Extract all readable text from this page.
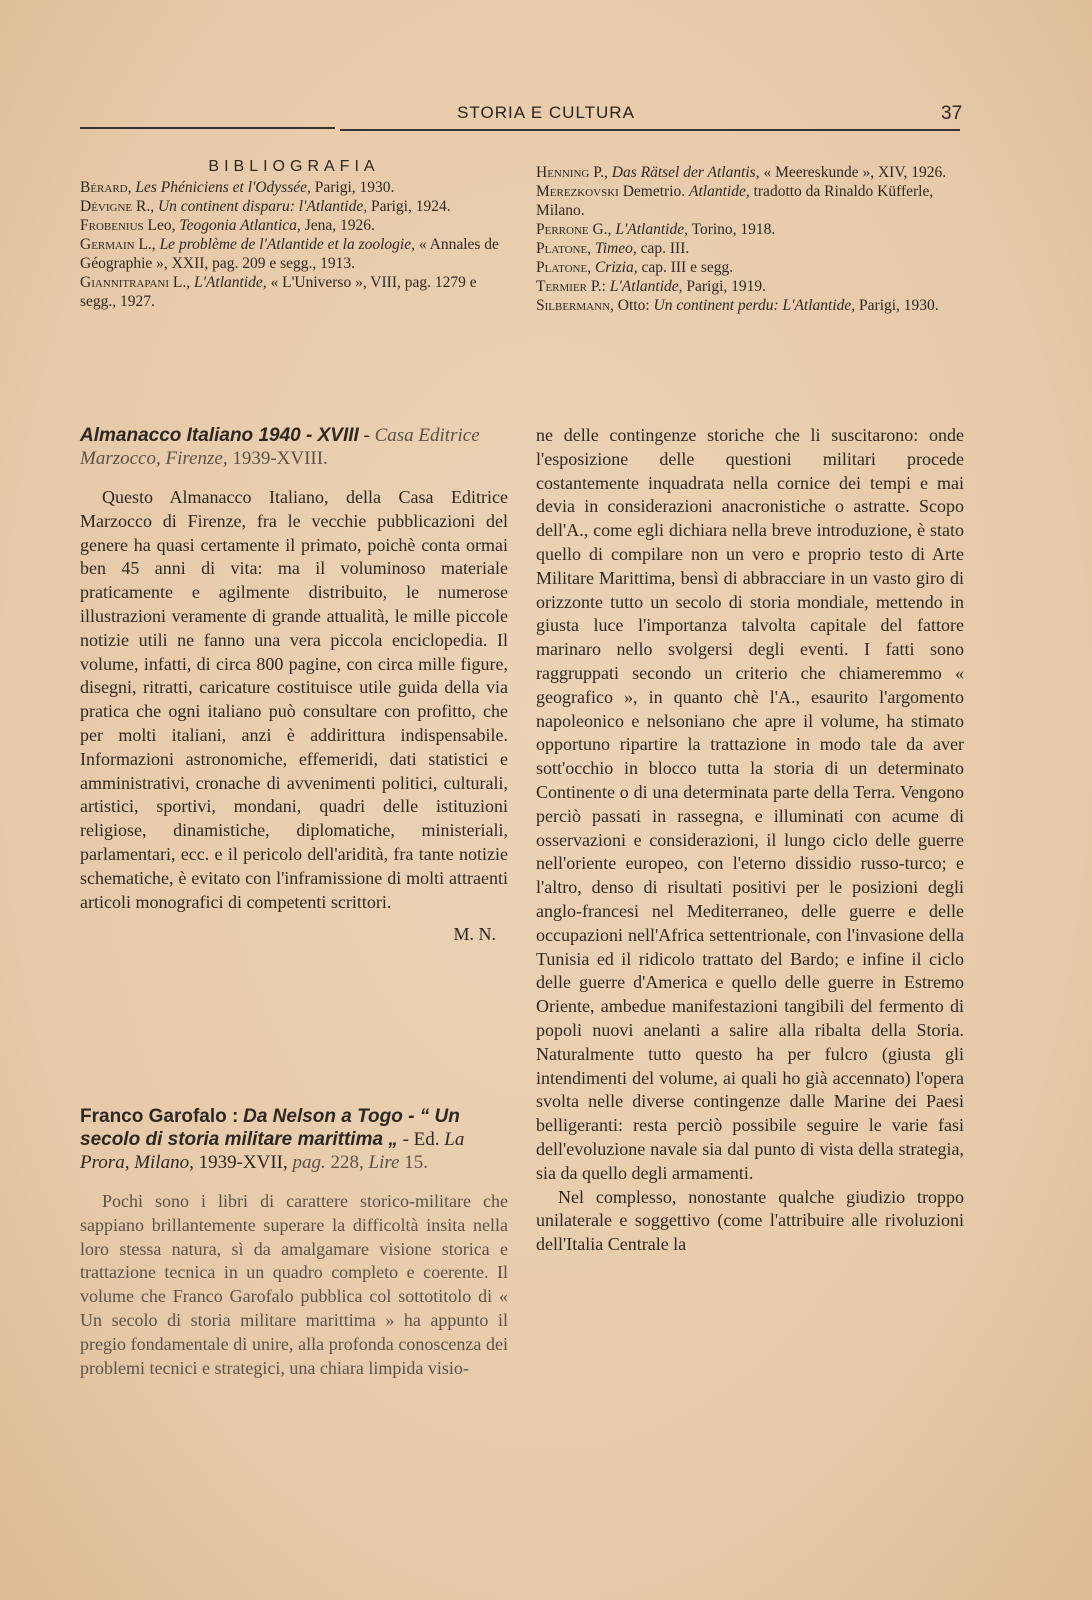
STORIA E CULTURA	37
BIBLIOGRAFIA

Bérard, Les Phéniciens et l'Odyssée, Parigi, 1930.

Dévigne R., Un continent disparu: l'Atlantide, Parigi, 1924.

Frobenius Leo, Teogonia Atlantica, Jena, 1926.

Germain L., Le problème de l'Atlantide et la zoologie, « Annales de Géographie », XXII, pag. 209 e segg., 1913.

Giannitrapani L., L'Atlantide, « L'Universo », VIII, pag. 1279 e segg., 1927.

Henning P., Das Rätsel der Atlantis, « Meereskunde », XIV, 1926.

Merezkovski Demetrio. Atlantide, tradotto da Rinaldo Küfferle, Milano.

Perrone G., L'Atlantide, Torino, 1918.

Platone, Timeo, cap. III.

Platone, Crizia, cap. III e segg.

Termier P.: L'Atlantide, Parigi, 1919.

Silbermann, Otto: Un continent perdu: L'Atlantide, Parigi, 1930.

Almanacco Italiano 1940 - XVIII - Casa Editrice Marzocco, Firenze, 1939-XVIII.

Questo Almanacco Italiano, della Casa Editrice Marzocco di Firenze, fra le vecchie pubblicazioni del genere ha quasi certamente il primato, poichè conta ormai ben 45 anni di vita: ma il voluminoso materiale praticamente e agilmente distribuito, le numerose illustrazioni veramente di grande attualità, le mille piccole notizie utili ne fanno una vera piccola enciclopedia. Il volume, infatti, di circa 800 pagine, con circa mille figure, disegni, ritratti, caricature costituisce utile guida della via pratica che ogni italiano può consultare con profitto, che per molti italiani, anzi è addirittura indispensabile. Informazioni astronomiche, effemeridi, dati statistici e amministrativi, cronache di avvenimenti politici, culturali, artistici, sportivi, mondani, quadri delle istituzioni religiose, dinamistiche, diplomatiche, ministeriali, parlamentari, ecc. e il pericolo dell'aridità, fra tante notizie schematiche, è evitato con l'inframissione di molti attraenti articoli monografici di competenti scrittori.

M. N.

Franco Garofalo : Da Nelson a Togo - “ Un secolo di storia militare marittima „ - Ed. La Prora, Milano, 1939-XVII, pag. 228, Lire 15.

Pochi sono i libri di carattere storico-militare che sappiano brillantemente superare la difficoltà insita nella loro stessa natura, sì da amalgamare visione storica e trattazione tecnica in un quadro completo e coerente. Il volume che Franco Garofalo pubblica col sottotitolo di « Un secolo di storia militare marittima » ha appunto il pregio fondamentale di unire, alla profonda conoscenza dei problemi tecnici e strategici, una chiara limpida visio-

ne delle contingenze storiche che li suscitarono: onde l'esposizione delle questioni militari procede costantemente inquadrata nella cornice dei tempi e mai devia in considerazioni anacronistiche o astratte. Scopo dell'A., come egli dichiara nella breve introduzione, è stato quello di compilare non un vero e proprio testo di Arte Militare Marittima, bensì di abbracciare in un vasto giro di orizzonte tutto un secolo di storia mondiale, mettendo in giusta luce l'importanza talvolta capitale del fattore marinaro nello svolgersi degli eventi. I fatti sono raggruppati secondo un criterio che chiameremmo « geografico », in quanto chè l'A., esaurito l'argomento napoleonico e nelsoniano che apre il volume, ha stimato opportuno ripartire la trattazione in modo tale da aver sott'occhio in blocco tutta la storia di un determinato Continente o di una determinata parte della Terra. Vengono perciò passati in rassegna, e illuminati con acume di osservazioni e considerazioni, il lungo ciclo delle guerre nell'oriente europeo, con l'eterno dissidio russo-turco; e l'altro, denso di risultati positivi per le posizioni degli anglo-francesi nel Mediterraneo, delle guerre e delle occupazioni nell'Africa settentrionale, con l'invasione della Tunisia ed il ridicolo trattato del Bardo; e infine il ciclo delle guerre d'America e quello delle guerre in Estremo Oriente, ambedue manifestazioni tangibili del fermento di popoli nuovi anelanti a salire alla ribalta della Storia. Naturalmente tutto questo ha per fulcro (giusta gli intendimenti del volume, ai quali ho già accennato) l'opera svolta nelle diverse contingenze dalle Marine dei Paesi belligeranti: resta perciò possibile seguire le varie fasi dell'evoluzione navale sia dal punto di vista della strategia, sia da quello degli armamenti.

Nel complesso, nonostante qualche giudizio troppo unilaterale e soggettivo (come l'attribuire alle rivoluzioni dell'Italia Centrale la
